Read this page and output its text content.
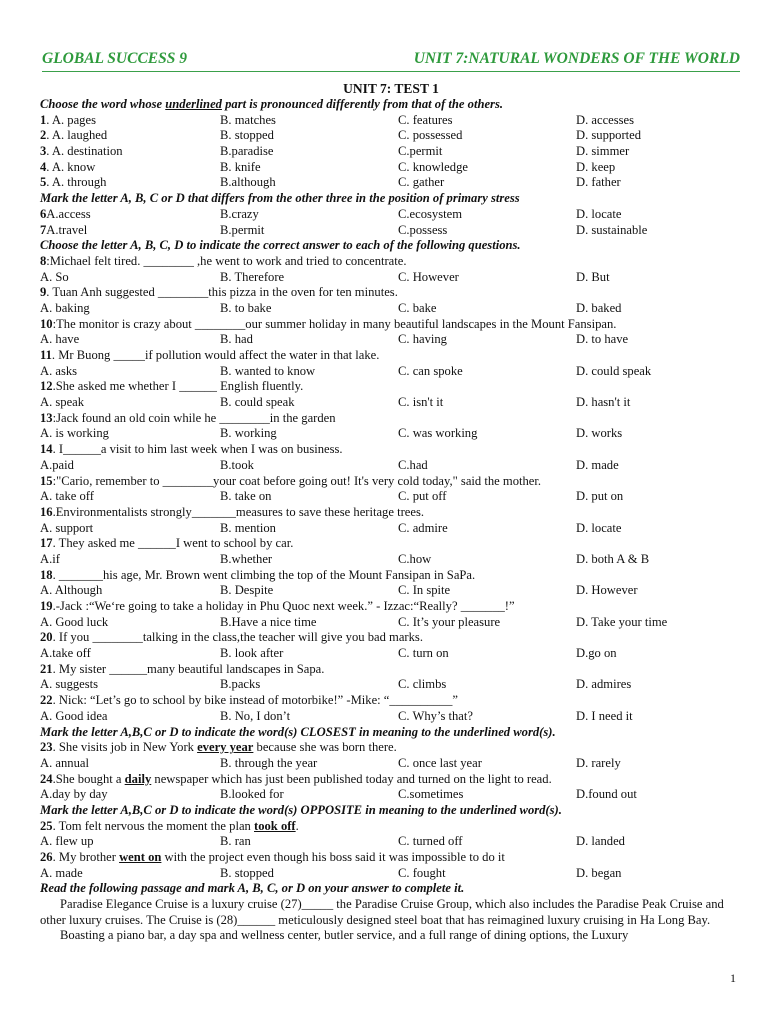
GLOBAL SUCCESS 9	UNIT 7:NATURAL WONDERS OF THE WORLD
UNIT 7: TEST 1
Choose the word whose underlined part is pronounced differently from that of the others.
1. A. pages	B. matches	C. features	D. accesses
2. A. laughed	B. stopped	C. possessed	D. supported
3. A. destination	B.paradise	C.permit	D. simmer
4. A. know	B. knife	C. knowledge	D. keep
5. A. through	B.although	C. gather	D. father
Mark the letter A, B, C or D that differs from the other three in the position of primary stress
6A.access	B.crazy	C.ecosystem	D. locate
7A.travel	B.permit	C.possess	D. sustainable
Choose the letter A, B, C, D to indicate the correct answer to each of the following questions.
8:Michael felt tired. ________ ,he went to work and tried to concentrate.
A. So	B. Therefore	C. However	D. But
9. Tuan Anh suggested ________this pizza in the oven for ten minutes.
A. baking	B. to bake	C. bake	D. baked
10:The monitor is crazy about ________our summer holiday in many beautiful landscapes in the Mount Fansipan.
A. have	B. had	C. having	D. to have
11. Mr Buong _____if pollution would affect the water in that lake.
A. asks	B. wanted to know	C. can spoke	D. could speak
12.She asked me whether I ______ English fluently.
A. speak	B. could speak	C. isn't it	D. hasn't it
13:Jack found an old coin while he ________in the garden
A. is working	B. working	C. was working	D. works
14. I______a visit to him last week when I was on business.
A.paid	B.took	C.had	D. made
15:"Cario, remember to ________your coat before going out! It's very cold today," said the mother.
A. take off	B. take on	C. put off	D. put on
16.Environmentalists strongly_______measures to save these heritage trees.
A. support	B. mention	C. admire	D. locate
17. They asked me ______I went to school by car.
A.if	B.whether	C.how	D. both A & B
18. _______his age, Mr. Brown went climbing the top of the Mount Fansipan in SaPa.
A. Although	B. Despite	C. In spite	D. However
19.-Jack :“We‘re going to take a holiday in Phu Quoc next week.” - Izzac:“Really? _______!”
A. Good luck	B.Have a nice time	C. It’s your pleasure	D. Take your time
20. If you ________talking in the class,the teacher will give you bad marks.
A.take off	B. look after	C. turn on	D.go on
21. My sister ______many beautiful landscapes in Sapa.
A. suggests	B.packs	C. climbs	D. admires
22. Nick: “Let’s go to school by bike instead of motorbike!” -Mike: “__________”
A. Good idea	B. No, I don’t	C. Why’s that?	D. I need it
Mark the letter A,B,C or D to indicate the word(s) CLOSEST in meaning to the underlined word(s).
23. She visits job in New York every year because she was born there.
A. annual	B. through the year	C. once last year	D. rarely
24.She bought a daily newspaper which has just been published today and turned on the light to read.
A.day by day	B.looked for	C.sometimes	D.found out
Mark the letter A,B,C or D to indicate the word(s) OPPOSITE in meaning to the underlined word(s).
25. Tom felt nervous the moment the plan took off.
A. flew up	B. ran	C. turned off	D. landed
26. My brother went on with the project even though his boss said it was impossible to do it
A. made	B. stopped	C. fought	D. began
Read the following passage and mark A, B, C, or D on your answer to complete it.

Paradise Elegance Cruise is a luxury cruise (27)_____ the Paradise Cruise Group, which also includes the Paradise Peak Cruise and other luxury cruises. The Cruise is (28)______ meticulously designed steel boat that has reimagined luxury cruising in Ha Long Bay.

Boasting a piano bar, a day spa and wellness center, butler service, and a full range of dining options, the Luxury

1
